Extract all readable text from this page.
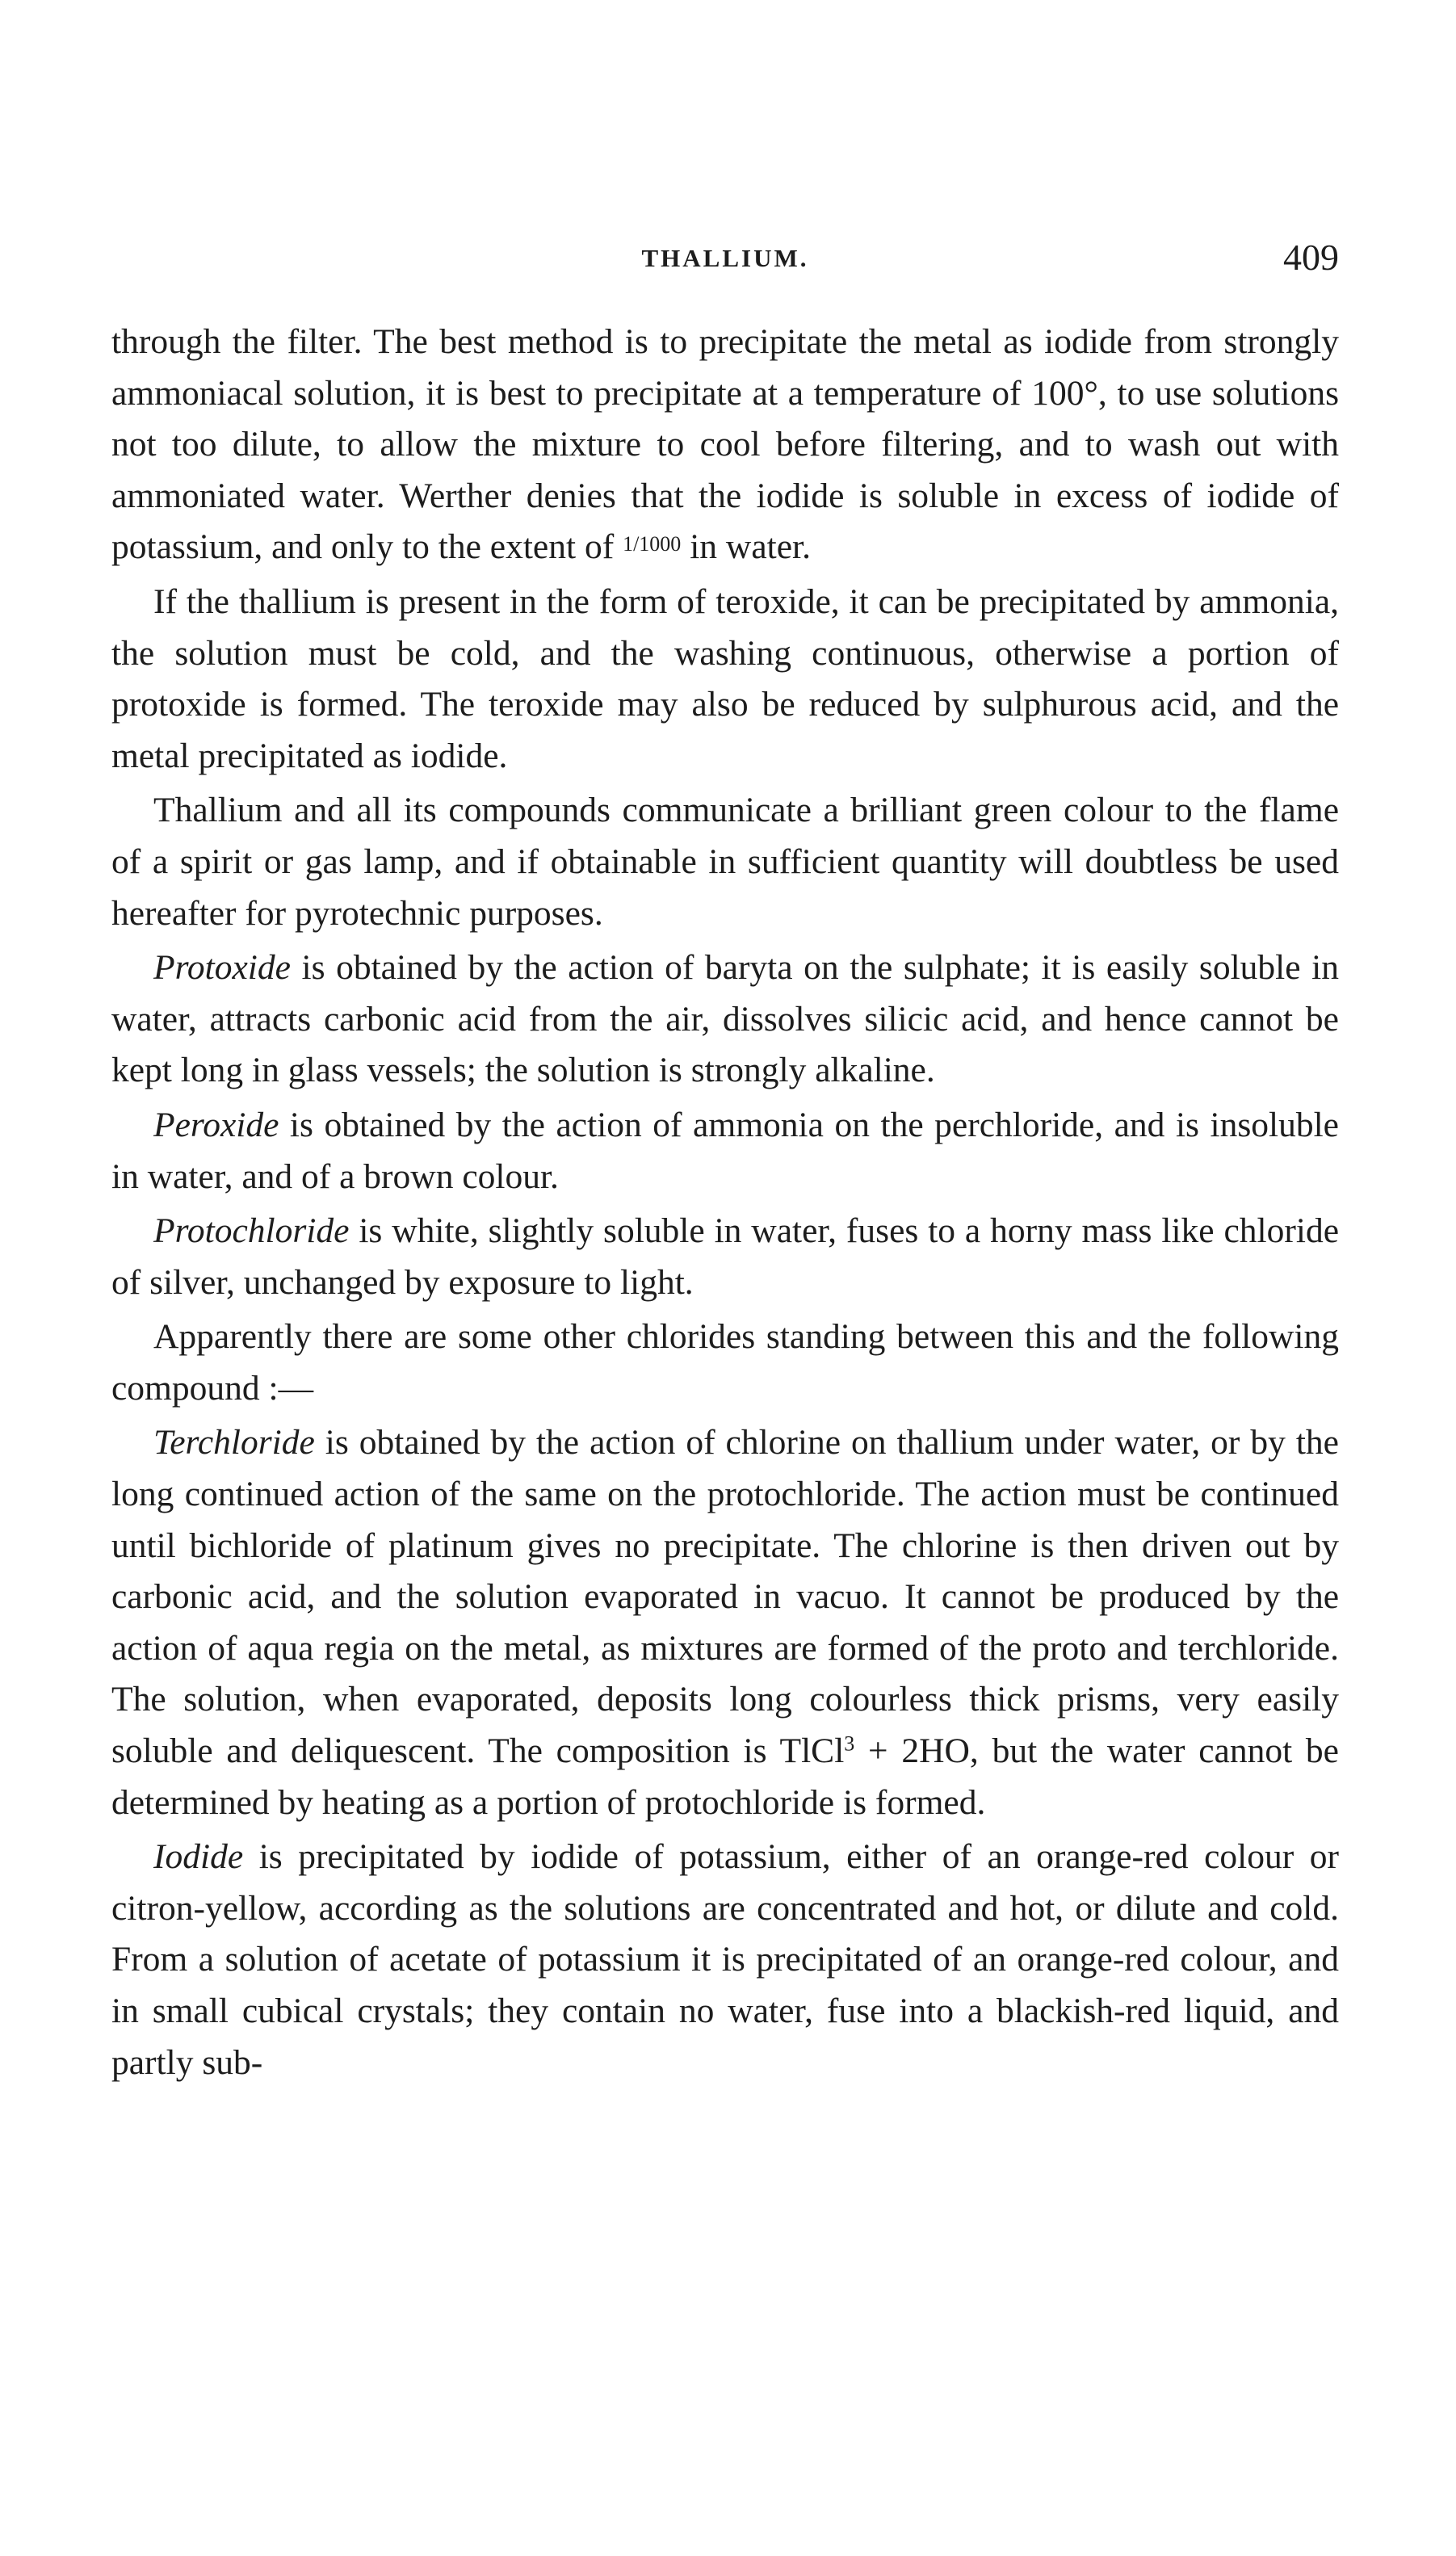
THALLIUM.	409

through the filter. The best method is to precipitate the metal as iodide from strongly ammoniacal solution, it is best to precipitate at a temperature of 100°, to use solutions not too dilute, to allow the mixture to cool before filtering, and to wash out with ammoniated water. Werther denies that the iodide is soluble in excess of iodide of potassium, and only to the extent of $^{1/1000}$ in water.

If the thallium is present in the form of teroxide, it can be precipitated by ammonia, the solution must be cold, and the washing continuous, otherwise a portion of protoxide is formed. The teroxide may also be reduced by sulphurous acid, and the metal precipitated as iodide.

Thallium and all its compounds communicate a brilliant green colour to the flame of a spirit or gas lamp, and if obtainable in sufficient quantity will doubtless be used hereafter for pyrotechnic purposes.

Protoxide is obtained by the action of baryta on the sulphate; it is easily soluble in water, attracts carbonic acid from the air, dissolves silicic acid, and hence cannot be kept long in glass vessels; the solution is strongly alkaline.

Peroxide is obtained by the action of ammonia on the perchloride, and is insoluble in water, and of a brown colour.

Protochloride is white, slightly soluble in water, fuses to a horny mass like chloride of silver, unchanged by exposure to light.

Apparently there are some other chlorides standing between this and the following compound :—

Terchloride is obtained by the action of chlorine on thallium under water, or by the long continued action of the same on the protochloride. The action must be continued until bichloride of platinum gives no precipitate. The chlorine is then driven out by carbonic acid, and the solution evaporated in vacuo. It cannot be produced by the action of aqua regia on the metal, as mixtures are formed of the proto and terchloride. The solution, when evaporated, deposits long colourless thick prisms, very easily soluble and deliquescent. The composition is TlCl$^3$ + 2HO, but the water cannot be determined by heating as a portion of protochloride is formed.

Iodide is precipitated by iodide of potassium, either of an orange-red colour or citron-yellow, according as the solutions are concentrated and hot, or dilute and cold. From a solution of acetate of potassium it is precipitated of an orange-red colour, and in small cubical crystals; they contain no water, fuse into a blackish-red liquid, and partly sub-
